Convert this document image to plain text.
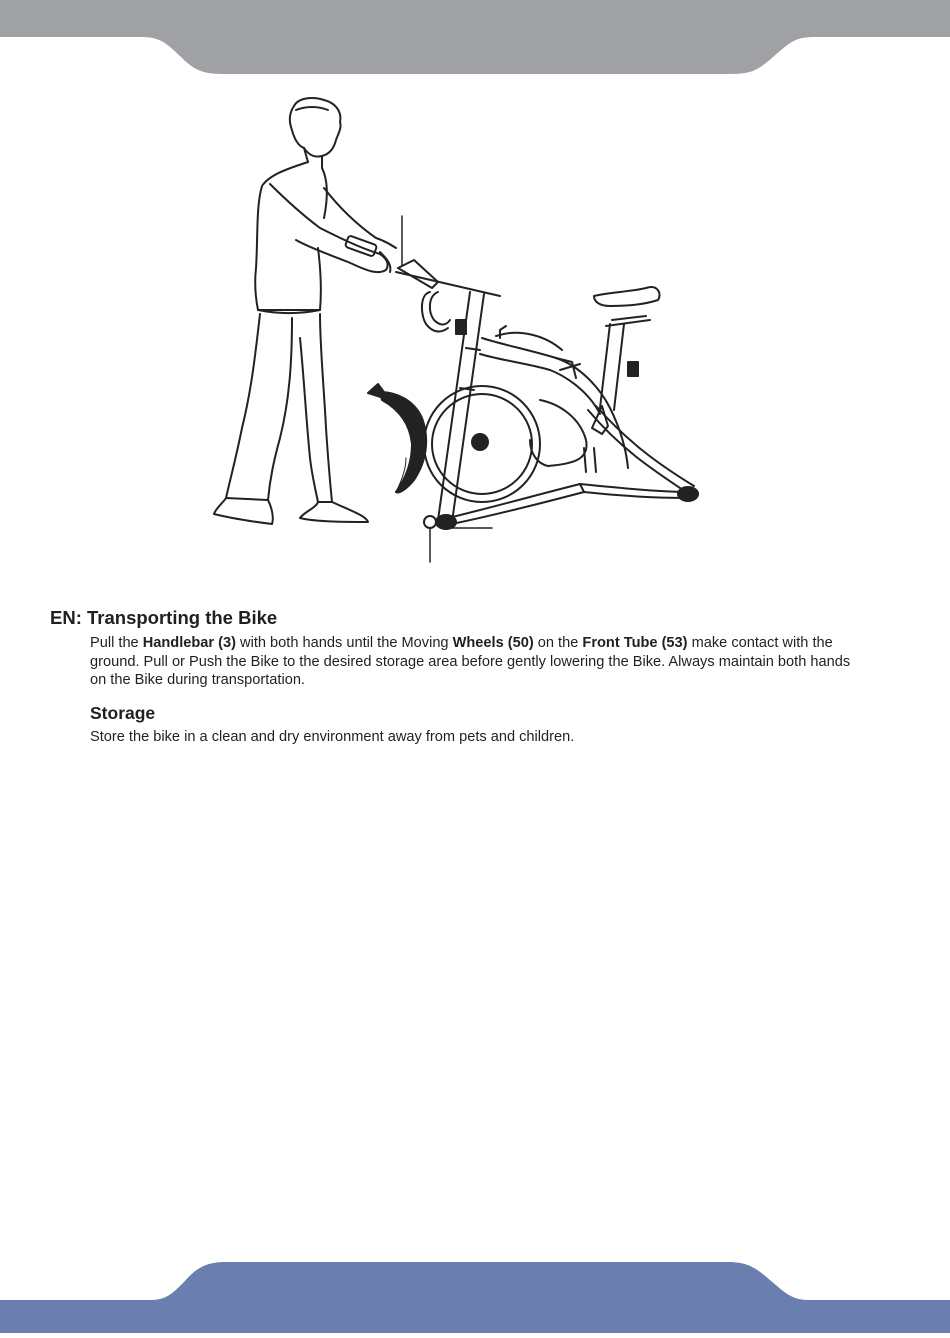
EN: Transporting the Bike

Pull the Handlebar (3) with both hands until the Moving Wheels (50) on the Front Tube (53) make contact with the ground. Pull or Push the Bike to the desired storage area before gently lowering the Bike. Always maintain both hands on the Bike during transportation.

Storage

Store the bike in a clean and dry environment away from pets and children.
